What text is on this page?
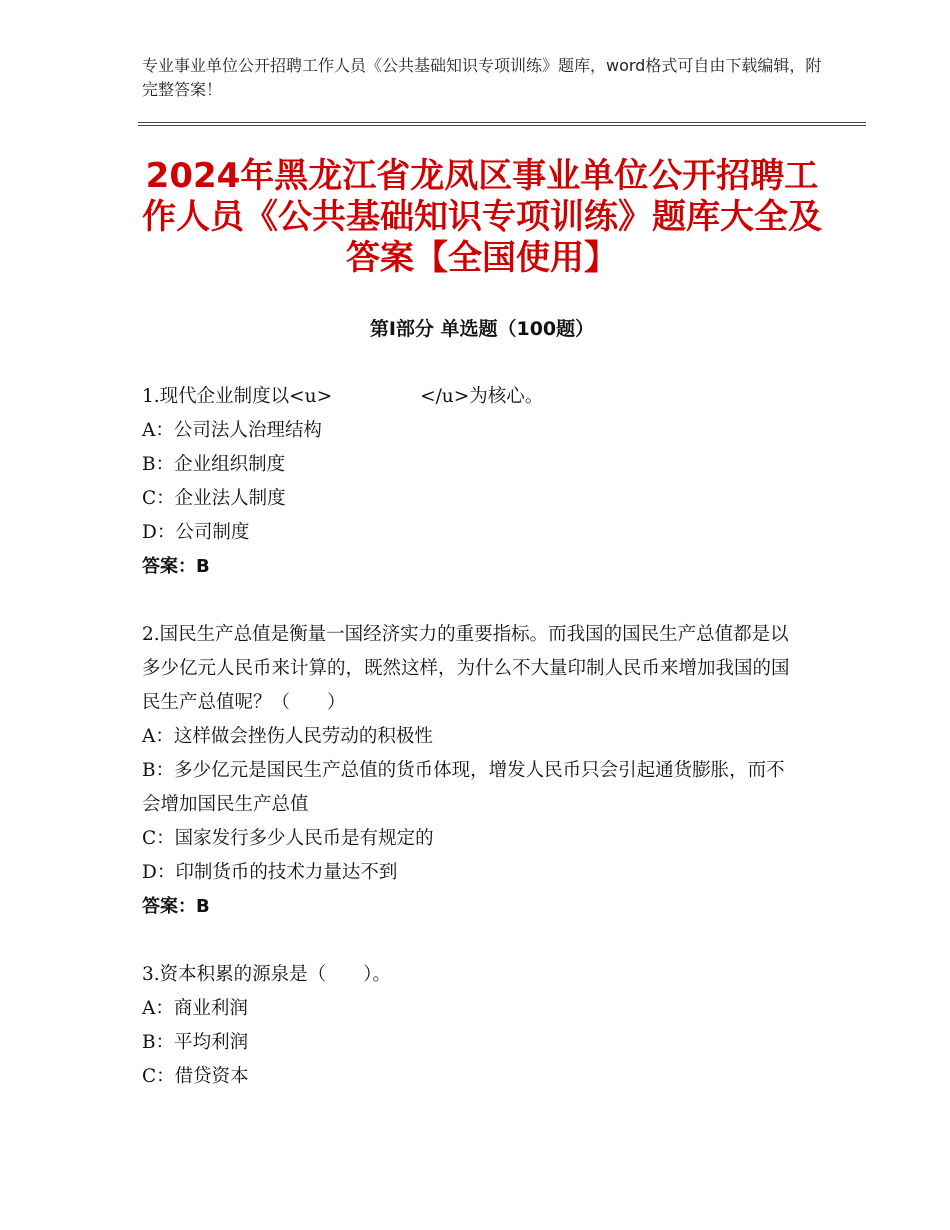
专业事业单位公开招聘工作人员《公共基础知识专项训练》题库，word格式可自由下载编辑，附完整答案！
2024年黑龙江省龙凤区事业单位公开招聘工作人员《公共基础知识专项训练》题库大全及答案【全国使用】
第Ⅰ部分 单选题（100题）

1.现代企业制度以<u>	</u>为核心。

A：公司法人治理结构

B：企业组织制度

C：企业法人制度

D：公司制度

答案：B

2.国民生产总值是衡量一国经济实力的重要指标。而我国的国民生产总值都是以多少亿元人民币来计算的，既然这样，为什么不大量印制人民币来增加我国的国民生产总值呢？（　　）

A：这样做会挫伤人民劳动的积极性

B：多少亿元是国民生产总值的货币体现，增发人民币只会引起通货膨胀，而不会增加国民生产总值

C：国家发行多少人民币是有规定的

D：印制货币的技术力量达不到

答案：B

3.资本积累的源泉是（　　）。

A：商业利润

B：平均利润

C：借贷资本
